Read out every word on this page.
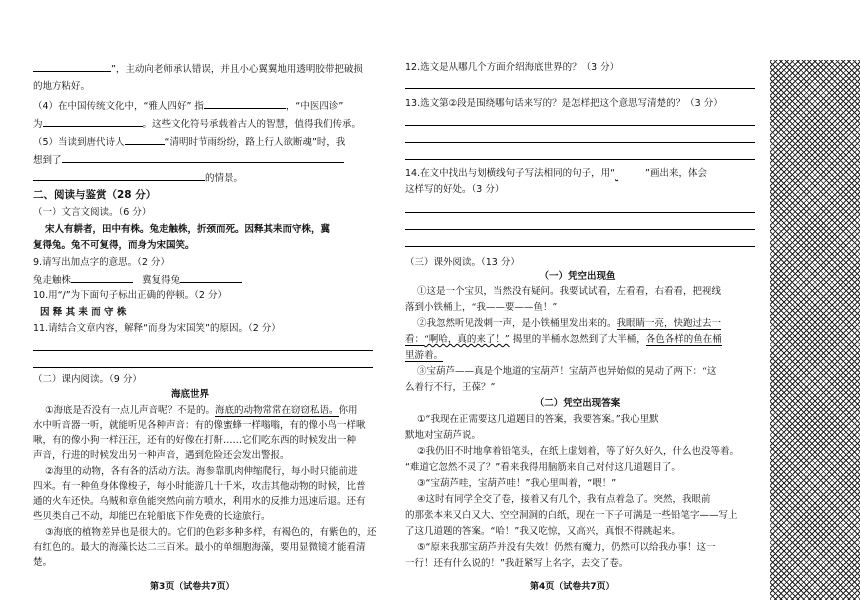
”，主动向老师承认错误，并且小心翼翼地用透明胶带把破损
的地方粘好。
（4）在中国传统文化中，“雅人四好” 指	，“中医四诊”
为	。这些文化符号承载着古人的智慧，值得我们传承。
（5）当读到唐代诗人	“清明时节雨纷纷，路上行人欲断魂”时，我
想到了
的情景。
二、阅读与鉴赏（28 分）
（一）文言文阅读。（6 分）
宋人有耕者，田中有株。兔走触株，折颈而死。因释其耒而守株，冀
复得兔。兔不可复得，而身为宋国笑。
9.请写出加点字的意思。（2 分）
兔走触株	冀复得兔
10.用“/”为下面句子标出正确的停顿。（2 分）
因 释 其 耒 而 守 株
11.请结合文章内容，解释“而身为宋国笑”的原因。（2 分）
（二）课内阅读。（9 分）
海底世界
①海底是否没有一点儿声音呢？不是的。海底的动物常常在窃窃私语。你用
水中听音器一听，就能听见各种声音：有的像蜜蜂一样嗡嗡，有的像小鸟一样啾
啾，有的像小狗一样汪汪，还有的好像在打鼾……它们吃东西的时候发出一种
声音，行进的时候发出另一种声音，遇到危险还会发出警报。
②海里的动物，各有各的活动方法。海参靠肌肉伸缩爬行，每小时只能前进
四米。有一种鱼身体像梭子，每小时能游几十千米，攻击其他动物的时候，比普
通的火车还快。乌贼和章鱼能突然向前方喷水，利用水的反推力迅速后退。还有
些贝类自己不动，却能巴在轮船底下作免费的长途旅行。
③海底的植物差异也是很大的。它们的色彩多种多样，有褐色的，有紫色的，还
有红色的。最大的海藻长达二三百米。最小的单细胞海藻，要用显微镜才能看清
楚。
第3页（试卷共7页）
12.选文是从哪几个方面介绍海底世界的？（3 分）
13.选文第②段是围绕哪句话来写的？是怎样把这个意思写清楚的？（3 分）
14.在文中找出与划横线句子写法相同的句子，用“	”画出来，体会
这样写的好处。（3 分）
（三）课外阅读。（13 分）
（一）凭空出现鱼
①这是一个宝贝，当然没有疑问。我要试试看，左看看，右看看，把视线
落到小铁桶上，“我——要——鱼！”
②我忽然听见泼刺一声，是小铁桶里发出来的。我眼睛一亮，快跑过去一
看：“啊哈，真的来了！” 揭里的半桶水忽然到了大半桶，各色各样的鱼在桶
里游着。
③宝葫芦——真是个地道的宝葫芦！宝葫芦也异始似的晃动了两下：“这
么着行不行，王葆？”
（二）凭空出现答案
①“我现在正需要这几道题目的答案，我要答案。”我心里默
默地对宝葫芦说。
②我仍旧不时地拿着铅笔头，在纸上虚划着，等了好久好久，什么也没等着。
“难道它忽然不灵了？”看来我得用脑筋来自己对付这几道题目了。
③“宝葫芦哇，宝葫芦哇！”我心里叫着，“喂！”
④这时有同学全交了卷，接着又有几个，我有点着急了。突然，我眼前
的那张本来又白又大、空空洞洞的白纸，现在一下子可满是一些铅笔字——写上
了这几道题的答案。“哈！”我又吃惊，又高兴，真恨不得跳起来。
⑤“原来我那宝葫芦并没有失效！仍然有魔力，仍然可以给我办事！这一
一行！还有什么说的！”我赶紧写上名字，去交了卷。
第4页（试卷共7页）
